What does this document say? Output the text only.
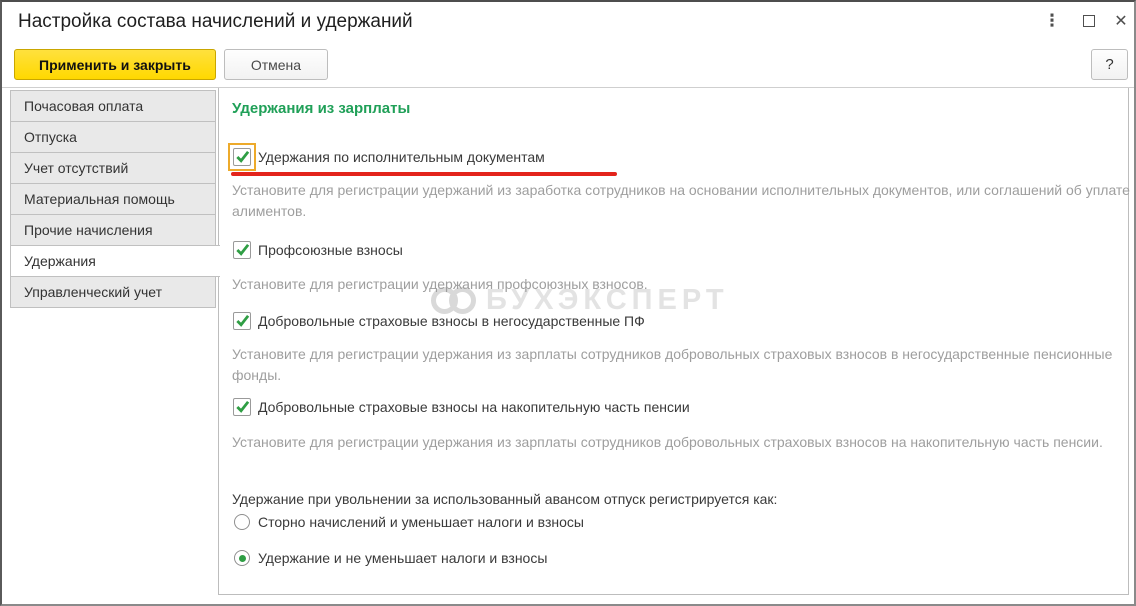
Настройка состава начислений и удержаний	⋮	✕
Применить и закрыть	Отмена	?
Почасовая оплата
Отпуска
Учет отсутствий
Материальная помощь
Прочие начисления
Удержания
Управленческий учет	БУХЭКСПЕРТ
Удержания из зарплаты
Удержания по исполнительным документам
Установите для регистрации удержаний из заработка сотрудников на основании исполнительных документов, или соглашений об уплате алиментов.
Профсоюзные взносы
Установите для регистрации удержания профсоюзных взносов.
Добровольные страховые взносы в негосударственные ПФ
Установите для регистрации удержания из зарплаты сотрудников добровольных страховых взносов в негосударственные пенсионные фонды.
Добровольные страховые взносы на накопительную часть пенсии
Установите для регистрации удержания из зарплаты сотрудников добровольных страховых взносов на накопительную часть пенсии.
Удержание при увольнении за использованный авансом отпуск регистрируется как:
Сторно начислений и уменьшает налоги и взносы
Удержание и не уменьшает налоги и взносы
